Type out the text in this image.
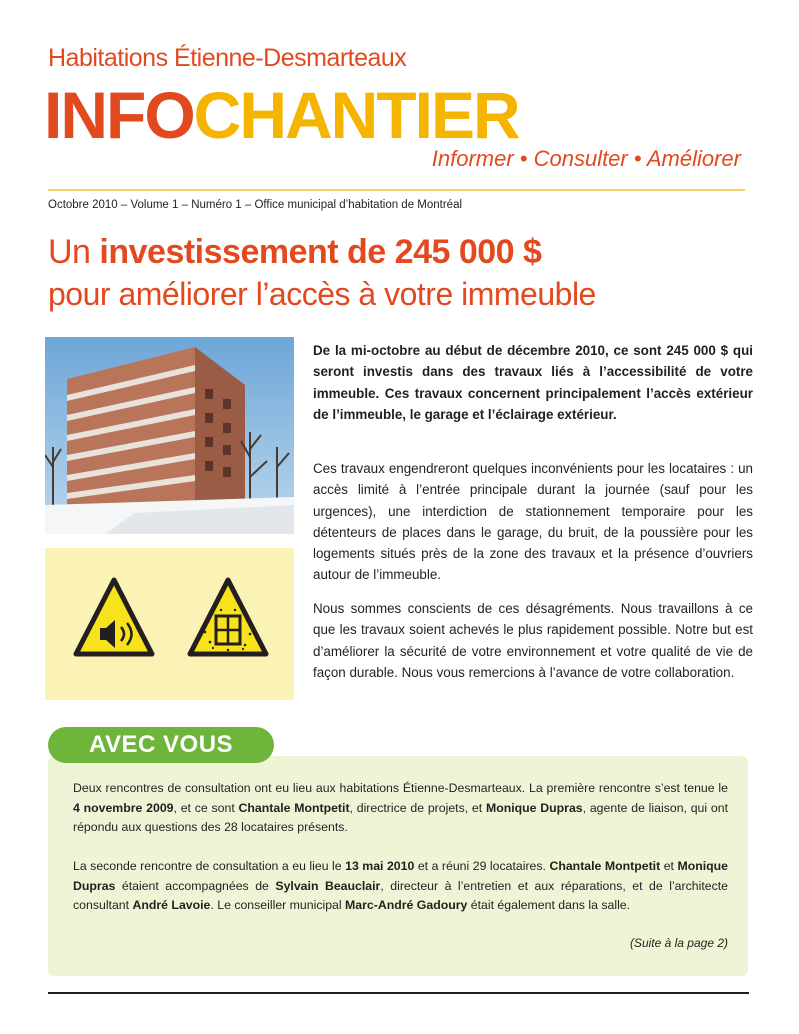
Habitations Étienne-Desmarteaux
INFOCHANTIER
Informer • Consulter • Améliorer
Octobre 2010 – Volume 1 – Numéro 1 – Office municipal d’habitation de Montréal
Un investissement de 245 000 $
pour améliorer l’accès à votre immeuble
De la mi-octobre au début de décembre 2010, ce sont 245 000 $ qui seront investis dans des travaux liés à l’accessibilité de votre immeuble. Ces travaux concernent principalement l’accès extérieur de l’immeuble, le garage et l’éclairage extérieur.
Ces travaux engendreront quelques inconvénients pour les locataires : un accès limité à l’entrée principale durant la journée (sauf pour les urgences), une interdiction de stationnement temporaire pour les détenteurs de places dans le garage, du bruit, de la poussière pour les logements situés près de la zone des travaux et la présence d’ouvriers autour de l’immeuble.
Nous sommes conscients de ces désagréments. Nous travaillons à ce que les travaux soient achevés le plus rapidement possible. Notre but est d’améliorer la sécurité de votre environnement et votre qualité de vie de façon durable. Nous vous remercions à l’avance de votre collaboration.
AVEC VOUS
Deux rencontres de consultation ont eu lieu aux habitations Étienne-Desmarteaux. La première rencontre s’est tenue le 4 novembre 2009, et ce sont Chantale Montpetit, directrice de projets, et Monique Dupras, agente de liaison, qui ont répondu aux questions des 28 locataires présents.
La seconde rencontre de consultation a eu lieu le 13 mai 2010 et a réuni 29 locataires. Chantale Montpetit et Monique Dupras étaient accompagnées de Sylvain Beauclair, directeur à l’entretien et aux réparations, et de l’architecte consultant André Lavoie. Le conseiller municipal Marc-André Gadoury était également dans la salle.
(Suite à la page 2)
